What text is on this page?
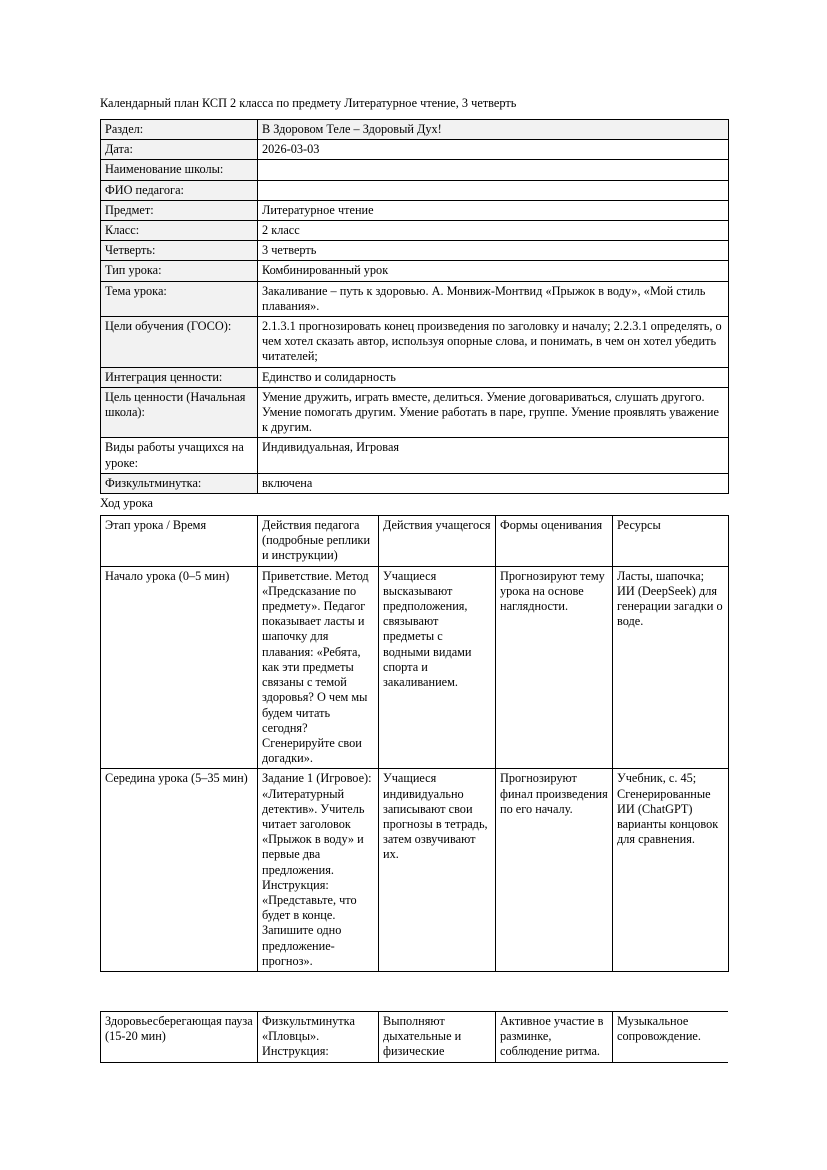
Календарный план КСП 2 класса по предмету Литературное чтение, 3 четверть
Раздел:	В Здоровом Теле – Здоровый Дух!
Дата:	2026-03-03
Наименование школы:	
ФИО педагога:	
Предмет:	Литературное чтение
Класс:	2 класс
Четверть:	3 четверть
Тип урока:	Комбинированный урок
Тема урока:	Закаливание – путь к здоровью. А. Монвиж-Монтвид «Прыжок в воду», «Мой стиль плавания».
Цели обучения (ГОСО):	2.1.3.1 прогнозировать конец произведения по заголовку и началу; 2.2.3.1 определять, о чем хотел сказать автор, используя опорные слова, и понимать, в чем он хотел убедить читателей;
Интеграция ценности:	Единство и солидарность
Цель ценности (Начальная школа):	Умение дружить, играть вместе, делиться. Умение договариваться, слушать другого. Умение помогать другим. Умение работать в паре, группе. Умение проявлять уважение к другим.
Виды работы учащихся на уроке:	Индивидуальная, Игровая
Физкультминутка:	включена
Ход урока
Этап урока / Время	Действия педагога (подробные реплики и инструкции)	Действия учащегося	Формы оценивания	Ресурсы
Начало урока (0–5 мин)	Приветствие. Метод «Предсказание по предмету». Педагог показывает ласты и шапочку для плавания: «Ребята, как эти предметы связаны с темой здоровья? О чем мы будем читать сегодня? Сгенерируйте свои догадки».	Учащиеся высказывают предположения, связывают предметы с водными видами спорта и закаливанием.	Прогнозируют тему урока на основе наглядности.	Ласты, шапочка; ИИ (DeepSeek) для генерации загадки о воде.
Середина урока (5–35 мин)	Задание 1 (Игровое): «Литературный детектив». Учитель читает заголовок «Прыжок в воду» и первые два предложения. Инструкция: «Представьте, что будет в конце. Запишите одно предложение-прогноз».	Учащиеся индивидуально записывают свои прогнозы в тетрадь, затем озвучивают их.	Прогнозируют финал произведения по его началу.	Учебник, с. 45; Сгенерированные ИИ (ChatGPT) варианты концовок для сравнения.
Здоровьесберегающая пауза (15-20 мин)	Физкультминутка «Пловцы». Инструкция:	Выполняют дыхательные и физические	Активное участие в разминке, соблюдение ритма.	Музыкальное сопровождение.
